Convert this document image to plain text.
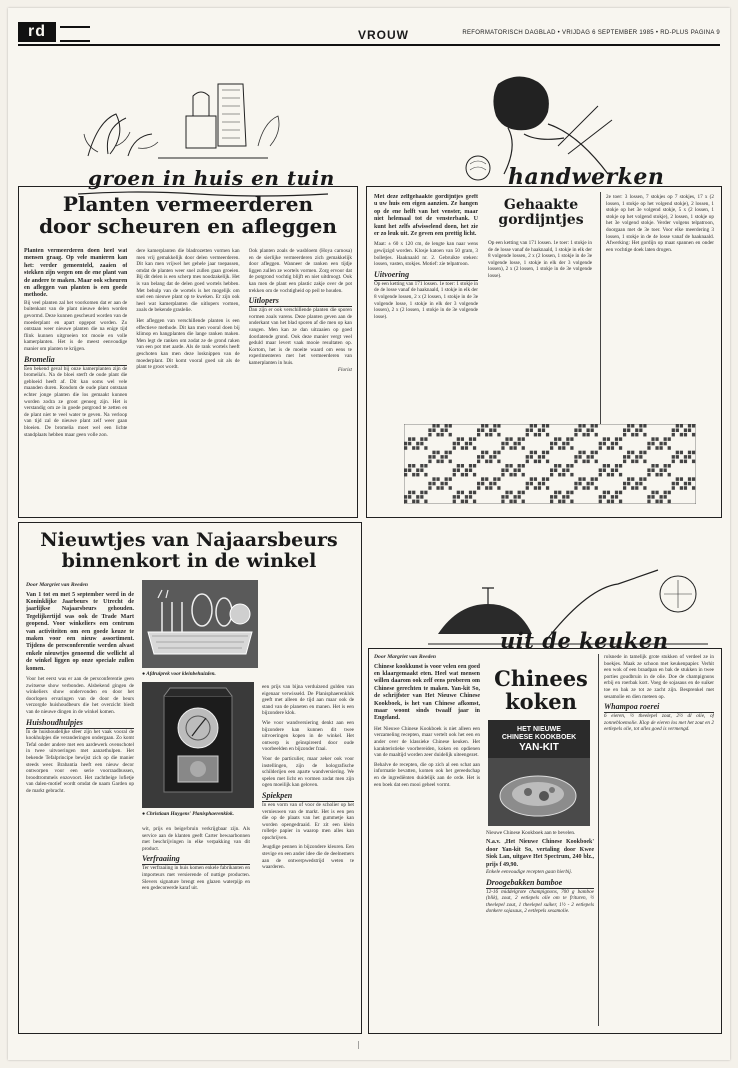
rd	VROUW	REFORMATORISCH DAGBLAD • VRIJDAG 6 SEPTEMBER 1985 • RD-PLUS PAGINA 9
groen in huis en tuin	handwerken
Planten vermeerderen
door scheuren en afleggen
Planten vermeerderen doen heel wat mensen graag. Op vele manieren kan het: verder gemeenteld, zaaien of stekken zijn wegen om de ene plant van de andere te maken. Maar ook scheuren en afleggen van planten is een goede methode.
Bij veel planten zal het voorkomen dat er aan de buitenkant van de plant nieuwe delen worden gevormd. Deze kunnen gescheurd worden van de moederplant en apart opgepot worden. Zo ontstaan weer nieuwe planten die na enige tijd flink kunnen uitgroeien tot mooie en volle kamerplanten. Het is de meest eenvoudige manier om planten te krijgen.
Bromelia
Een bekend geval bij onze kamerplanten zijn de bromelia's. Na de bloei sterft de oude plant die gebloeid heeft af. Dit kan soms wel vele maanden duren. Rondom de oude plant ontstaan echter jonge planten die los gemaakt kunnen worden zodra ze groot genoeg zijn. Het is verstandig om ze in goede potgrond te zetten en de plant niet te veel water te geven. Na verloop van tijd zal de nieuwe plant zelf weer gaan bloeien. De bromelia moet wel een lichte standplaats hebben maar geen volle zon.
dere kamerplanten die bladrozetten vormen kan men vrij gemakkelijk door delen vermeerderen. Dit kan men vrijwel het gehele jaar toepassen, omdat de planten weer snel zullen gaan groeien. Bij dit delen is een scherp mes noodzakelijk. Het is van belang dat de delen goed wortels hebben. Met behulp van de wortels is het mogelijk om snel een nieuwe plant op te kweken. Er zijn ook heel wat kamerplanten die uitlopers vormen, zoals de bekende graslelie.
Het afleggen van verschillende planten is een effectieve methode. Dit kan men vooral doen bij klimop en hangplanten die lange ranken maken. Men legt de ranken om zodat ze de grond raken van een pot met aarde. Als de rank wortels heeft geschoten kan men deze losknippen van de moederplant. Dit komt vooral goed uit als de plant te groot wordt.
Ook planten zoals de wasbloem (Hoya carnosa) en de sierlijke vermeerderen zich gemakkelijk door afleggen. Wanneer de ranken een tijdje liggen zullen ze wortels vormen. Zorg ervoor dat de potgrond vochtig blijft en niet uitdroogt. Ook kan men de plant een plastic zakje over de pot trekken om de vochtigheid op peil te houden.
Uitlopers
Dan zijn er ook verschillende planten die sporen vormen zoals varens. Deze planten geven aan de onderkant van het blad sporen af die men op kan vangen. Men kan ze dan uitzaaien op goed doorlatende grond. Ook deze manier vergt veel geduld maar levert vaak mooie resultaten op. Kortom, het is de moeite waard om eens te experimenteren met het vermeerderen van kamerplanten in huis.
Florist
Met deze zelfgehaakte gordijntjes geeft u uw huis een eigen aanzien. Ze hangen op de ene helft van het venster, maar niet helemaal tot de vensterbank. U kunt het zelfs afwisselend doen, het zie er zo leuk uit. Ze geven een prettig licht.
Maat: ± 60 x 120 cm, de lengte kan naar wens gewijzigd worden. Klosje katoen van 50 gram, 3 bolletjes. Haaknaald nr. 2. Gebruikte steken: lossen, vasten, stokjes. Motief: zie telpatroon.
Uitvoering
Op een ketting van 171 lossen. 1e toer: 1 stokje in de 4e losse vanaf de haaknaald, 1 stokje in elk der 8 volgende lossen, 2 x (2 lossen, 1 stokje in de 3e volgende losse, 1 stokje in elk der 3 volgende lossen), 2 x (2 lossen, 1 stokje in de 3e volgende losse).
Gehaakte
gordijntjes
Op een ketting van 171 lossen. 1e toer: 1 stokje in de 4e losse vanaf de haaknaald, 1 stokje in elk der 8 volgende lossen, 2 x (2 lossen, 1 stokje in de 3e volgende losse, 1 stokje in elk der 3 volgende lossen), 2 x (2 lossen, 1 stokje in de 3e volgende losse).
2e toer: 3 lossen, 7 stokjes op 7 stokjes, 17 x (2 lossen, 1 stokje op het volgend stokje), 2 lossen, 1 stokje op het 3e volgend stokje, 5 x (2 lossen, 1 stokje op het volgend stokje), 2 lossen, 1 stokje op het 3e volgend stokje. Verder volgens telpatroon, doorgaan met de 3e toer. Voor elke meerdering 3 lossen, 1 stokje in de 4e losse vanaf de haaknaald. Afwerking: Het gordijn op maat spannen en onder een vochtige doek laten drogen.
Nieuwtjes van Najaarsbeurs
binnenkort in de winkel
Door Margriet van Reeden
Van 1 tot en met 5 september werd in de Koninklijke Jaarbeurs te Utrecht de jaarlijkse Najaarsbeurs gehouden. Tegelijkertijd was ook de Trade Mart geopend. Voor winkeliers een centrum van activiteiten om een goede keuze te maken voor een nieuw assortiment. Tijdens de persconferentie werden alvast enkele nieuwtjes genoemd die wellicht al de winkel liggen op onze speciale zullen komen.
Voor het eerst was er aan de persconferentie geen zwitserse show verbonden. Alsbekend gingen de winkeliers show ondervonden en door het doorlopen ervaringen van de door de beurs verzorgde huishoudbeurs die het overzicht biedt van de nieuwe dingen in de winkel komen.
Huishoudhulpjes
In de huishoudelijke sfeer zijn het vaak vooral de kookhulpjes die veranderingen ondergaan. Zo komt Tefal onder andere met een aardewerk ovenschotel in twee uitvoeringen met aanzethulpen. Het bekende Tefalprincipe bewijst zich op die manier steeds weer. Brabantia heeft een nieuw decor ontworpen voor een serie voorraadbussen, broodtrommels enzovoort. Het zachtbeige lofietje van dalen-motief wordt omdat de naam Garden op de markt gebracht.
● Afdruiprek voor kleinbehuizden.
● Christiaan Huygens' Planisphaerenklok.
wit, prijs en beige/bruin verkrijgbaar zijn. Als service aan de klanten geeft Carter bewaarbonnen met beschrijvingen in elke verpakking van dit product.
Verfraaiing
Ter verfraaiing in huis komen enkele fabrikanten en importeurs met versierende of nuttige producten. Slevers signature brengt een glazen waterpijp en een gedecoreerde karaf uit.
een prijs van bijna verduizend gulden van eigenaar verwisseld. De Planisphaerenklok geeft met alleen de tijd aan maar ook de stand van de planeten en manen. Het is een bijzondere klok.
Wie voor wandversiering denkt aan een bijzondere kan kunnen dit twee uitvoeringen kopen in de winkel. Het ontwerp is geïnspireerd door oude voorbeelden en bijzonder fraai.
Voor de particulier, maar zeker ook voor instellingen, zijn de holografische schilderijen een aparte wandversiering. We spelen met licht en vormen zodat men zijn ogen moeilijk kan geloven.
Spiekpen
In een vorm van of voor de scholier op het vernieuwen van de markt. Het is een pen die op de plaats van het gummetje kan worden opengedraaid. Er zit een klein rolletje papier in waarop men alles kan opschrijven.
Jeugdige pennen in bijzondere kleuren. Een stevige en een ander idee die de deelnemers aan de ontwerpwedstrijd weten te waarderen.
uit de keuken
Door Margriet van Reeden
Chinese kookkunst is voor velen een goed en klaargemaakt eten. Heel wat mensen willen daarom ook zelf eens proberen om Chinese gerechten te maken. Yan-kit So, de schrijfster van Het Nieuwe Chinese Kookboek, is het van Chinese afkomst, maar woont sinds twaalf jaar in Engeland.
Het Nieuwe Chinese Kookboek is niet alleen een verzameling recepten, maar vertelt ook het een en ander over de klassieke Chinese keuken. Het karakteristieke voorbereiden, koken en opdienen van de maaltijd worden zeer duidelijk uiteengezet.
Behalve de recepten, die op zich al een schat aan informatie bevatten, komen ook het gereedschap en de ingrediënten duidelijk aan de orde. Het is een boek dat een mooi geheel vormt.
Chinees
koken
HET NIEUWE
CHINESE KOOKBOEK
YAN-KIT
Nieuwe Chinese Kookboek aan te bevelen.
N.a.v. ,Het Nieuwe Chinese Kookboek' door Yan-kit So, vertaling door Kwee Siok Lan, uitgave Het Spectrum, 240 blz., prijs f 49,90.
Enkele eenvoudige recepten gaan hierbij.
Droogebakken bamboe
12-16 middelgrote champignons, 700 g bamboe (blik), zout, 2 eetlepels olie om te frituren, ½ theelepel zout, 1 theelepel suiker, 1½ - 2 eetlepels donkere sojasaus, 2 eetlepels sesamolie.
rolsnede in tamelijk grote stukken of verdeel ze in boekjes. Maak ze schoon met keukenpapier. Verhit een wok of een braadpan en bak de stukken in twee porties goudbruin in de olie. Doe de champignons erbij en roerbak kort. Voeg de sojasaus en de suiker toe en bak ze tot ze zacht zijn. Besprenkel met sesamolie en dien meteen op.
Whampoa roerei
6 eieren, ½ theelepel zout, 2½ dl olie, of zonnebloemolie. Klop de eieren los met het zout en 2 eetlepels olie, tot alles goed is vermengd.
|
